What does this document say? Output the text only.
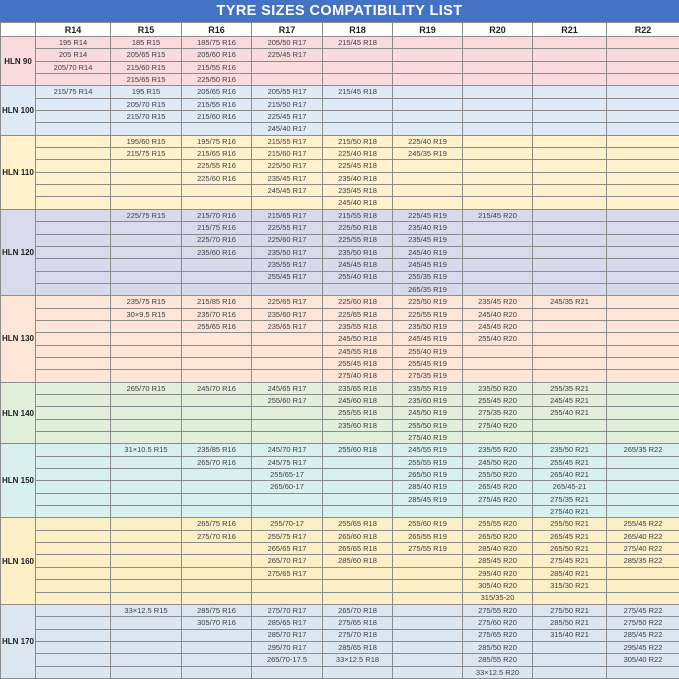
TYRE SIZES COMPATIBILITY LIST
	R14	R15	R16	R17	R18	R19	R20	R21	R22
HLN 90	195 R14	185 R15	185/75 R16	205/50 R17	215/45 R18				
	205 R14	205/65 R15	205/60 R16	225/45 R17					
	205/70 R14	215/60 R15	215/55 R16						
		215/65 R15	225/50 R16						
HLN 100	215/75 R14	195 R15	205/65 R16	205/55 R17	215/45 R18				
		205/70 R15	215/55 R16	215/50 R17					
		215/70 R15	215/60 R16	225/45 R17					
				245/40 R17					
HLN 110		195/60 R15	195/75 R16	215/55 R17	215/50 R18	225/40 R19			
		215/75 R15	215/65 R16	215/60 R17	225/40 R18	245/35 R19			
			225/55 R16	225/50 R17	225/45 R18				
			225/60 R16	235/45 R17	235/40 R18				
				245/45 R17	235/45 R18				
					245/40 R18				
HLN 120		225/75 R15	215/70 R16	215/65 R17	215/55 R18	225/45 R19	215/45 R20		
			215/75 R16	225/55 R17	225/50 R18	235/40 R19			
			225/70 R16	225/60 R17	225/55 R18	235/45 R19			
			235/60 R16	235/50 R17	235/50 R18	245/40 R19			
				235/55 R17	245/45 R18	245/45 R19			
				255/45 R17	255/40 R18	255/35 R19			
						265/35 R19			
HLN 130		235/75 R15	215/85 R16	225/65 R17	225/60 R18	225/50 R19	235/45 R20	245/35 R21	
		30×9.5 R15	235/70 R16	235/60 R17	225/65 R18	225/55 R19	245/40 R20		
			255/65 R16	235/65 R17	235/55 R18	235/50 R19	245/45 R20		
					245/50 R18	245/45 R19	255/40 R20		
					245/55 R18	255/40 R19			
					255/45 R18	255/45 R19			
					275/40 R18	275/35 R19			
HLN 140		265/70 R15	245/70 R16	245/65 R17	235/65 R18	235/55 R19	235/50 R20	255/35 R21	
				255/60 R17	245/60 R18	235/60 R19	255/45 R20	245/45 R21	
					255/55 R18	245/50 R19	275/35 R20	255/40 R21	
					235/60 R18	255/50 R19	275/40 R20		
						275/40 R19			
HLN 150		31×10.5 R15	235/85 R16	245/70 R17	255/60 R18	245/55 R19	235/55 R20	235/50 R21	265/35 R22
			265/70 R16	245/75 R17		255/55 R19	245/50 R20	255/45 R21	
				255/65-17		265/50 R19	255/50 R20	265/40 R21	
				265/60-17		285/40 R19	265/45 R20	265/45-21	
						285/45 R19	275/45 R20	275/35 R21	
								275/40 R21	
HLN 160			265/75 R16	255/70-17	255/65 R18	255/60 R19	255/55 R20	255/50 R21	255/45 R22
			275/70 R16	255/75 R17	265/60 R18	265/55 R19	265/50 R20	265/45 R21	265/40 R22
				265/65 R17	265/65 R18	275/55 R19	285/40 R20	265/50 R21	275/40 R22
				265/70 R17	285/60 R18		285/45 R20	275/45 R21	285/35 R22
				275/65 R17			295/40 R20	285/40 R21	
							305/40 R20	315/30 R21	
							315/35-20		
HLN 170		33×12.5 R15	285/75 R16	275/70 R17	265/70 R18		275/55 R20	275/50 R21	275/45 R22
			305/70 R16	285/65 R17	275/65 R18		275/60 R20	285/50 R21	275/50 R22
				285/70 R17	275/70 R18		275/65 R20	315/40 R21	285/45 R22
				295/70 R17	285/65 R18		285/50 R20		295/45 R22
				265/70-17.5	33×12.5 R18		285/55 R20		305/40 R22
							33×12.5 R20		
